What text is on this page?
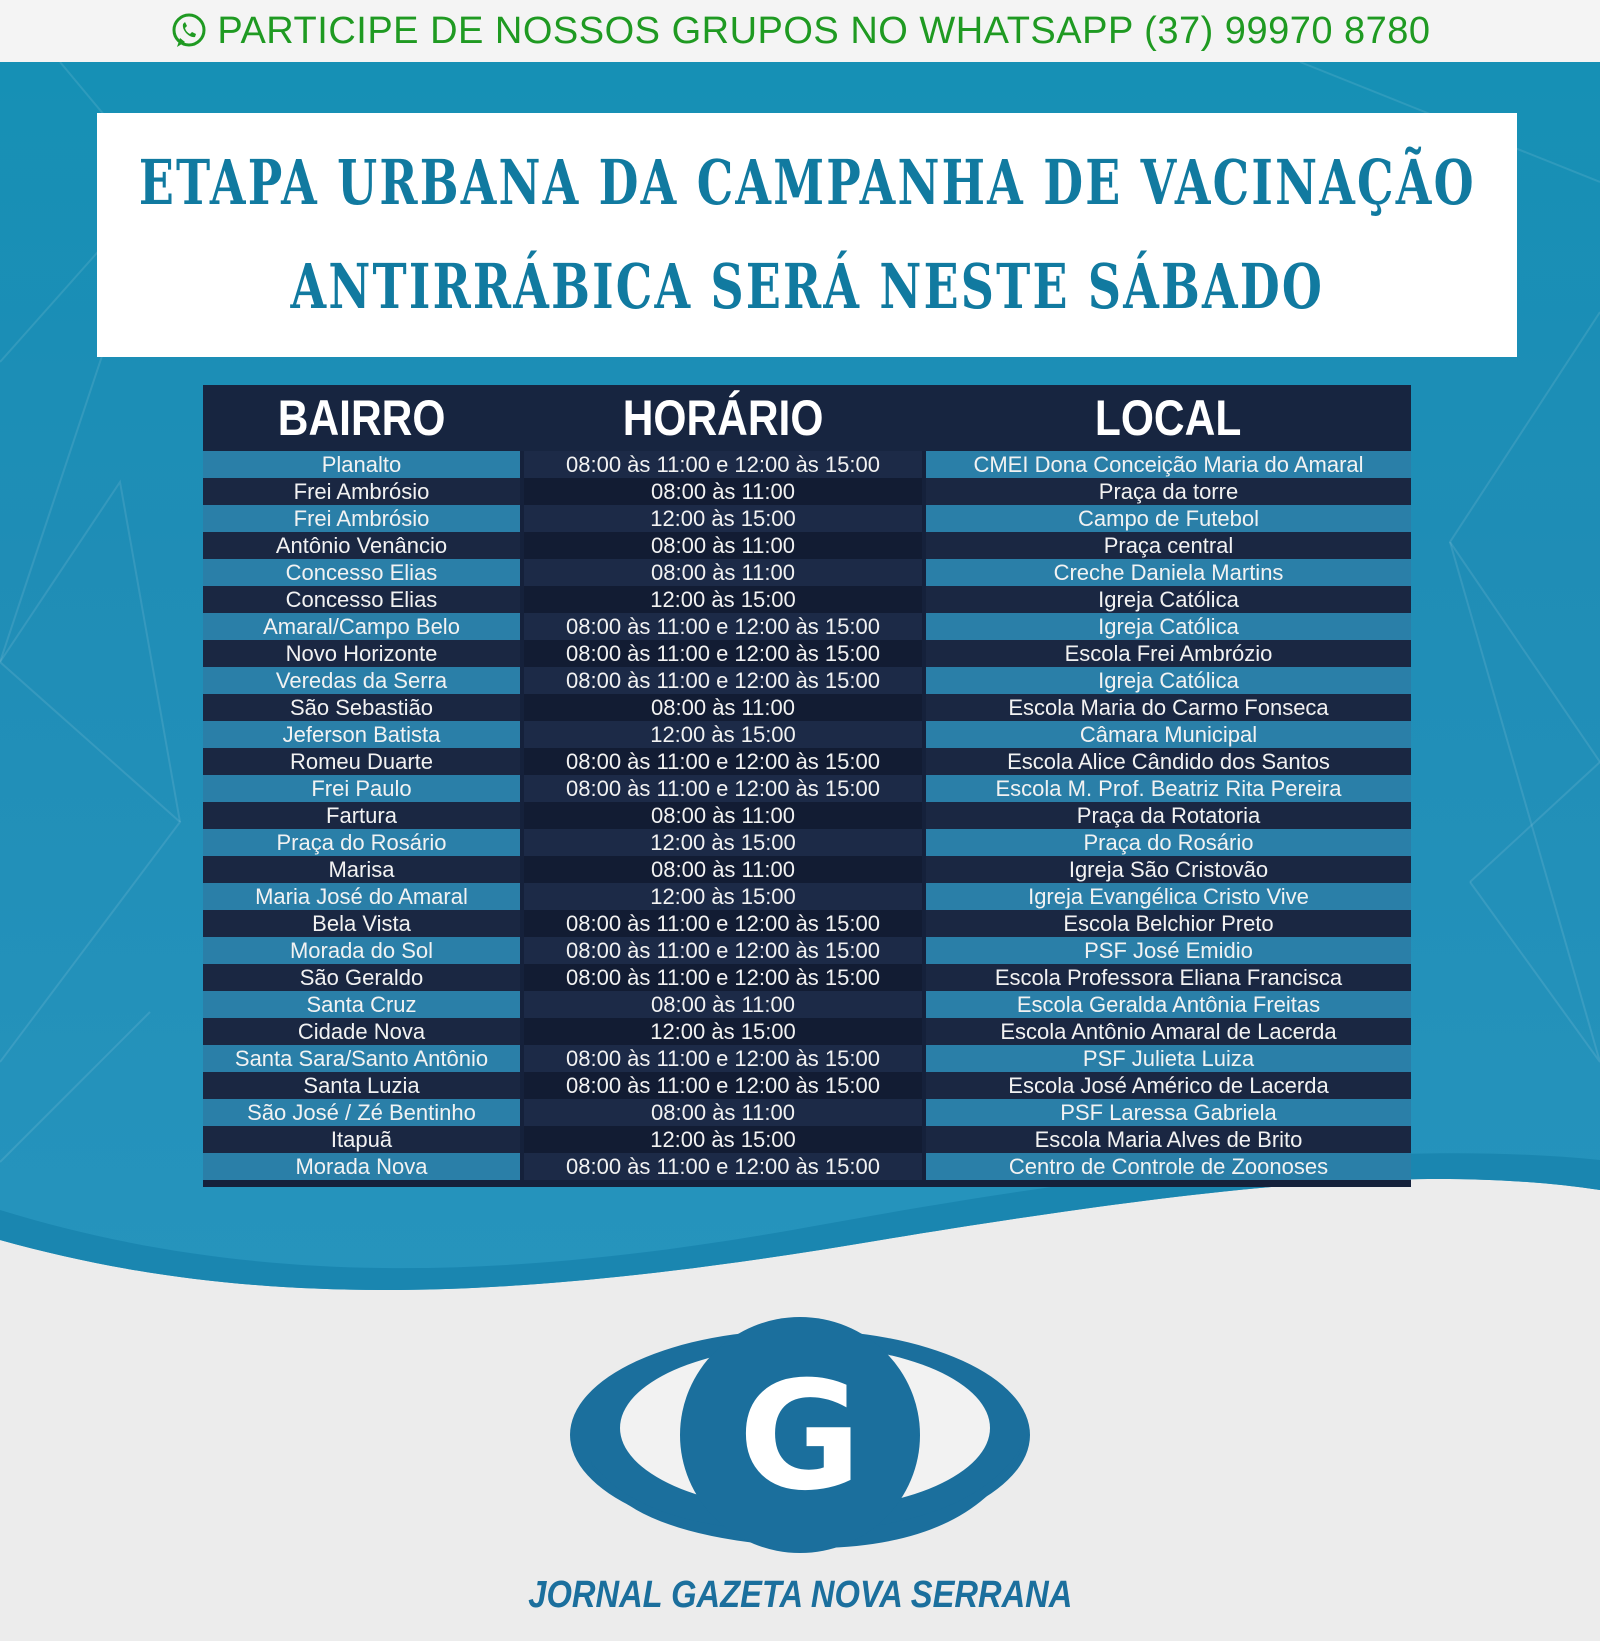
PARTICIPE DE NOSSOS GRUPOS NO WHATSAPP (37) 99970 8780
ETAPA URBANA DA CAMPANHA DE VACINAÇÃO
ANTIRRÁBICA SERÁ NESTE SÁBADO
BAIRRO	HORÁRIO	LOCAL
Planalto	08:00 às 11:00 e 12:00 às 15:00	CMEI Dona Conceição Maria do Amaral
Frei Ambrósio	08:00 às 11:00	Praça da torre
Frei Ambrósio	12:00 às 15:00	Campo de Futebol
Antônio Venâncio	08:00 às 11:00	Praça central
Concesso Elias	08:00 às 11:00	Creche Daniela Martins
Concesso Elias	12:00 às 15:00	Igreja Católica
Amaral/Campo Belo	08:00 às 11:00 e 12:00 às 15:00	Igreja Católica
Novo Horizonte	08:00 às 11:00 e 12:00 às 15:00	Escola Frei Ambrózio
Veredas da Serra	08:00 às 11:00 e 12:00 às 15:00	Igreja Católica
São Sebastião	08:00 às 11:00	Escola Maria do Carmo Fonseca
Jeferson Batista	12:00 às 15:00	Câmara Municipal
Romeu Duarte	08:00 às 11:00 e 12:00 às 15:00	Escola Alice Cândido dos Santos
Frei Paulo	08:00 às 11:00 e 12:00 às 15:00	Escola M. Prof. Beatriz Rita Pereira
Fartura	08:00 às 11:00	Praça da Rotatoria
Praça do Rosário	12:00 às 15:00	Praça do Rosário
Marisa	08:00 às 11:00	Igreja São Cristovão
Maria José do Amaral	12:00 às 15:00	Igreja Evangélica Cristo Vive
Bela Vista	08:00 às 11:00 e 12:00 às 15:00	Escola Belchior Preto
Morada do Sol	08:00 às 11:00 e 12:00 às 15:00	PSF José Emidio
São Geraldo	08:00 às 11:00 e 12:00 às 15:00	Escola Professora Eliana Francisca
Santa Cruz	08:00 às 11:00	Escola Geralda Antônia Freitas
Cidade Nova	12:00 às 15:00	Escola Antônio Amaral de Lacerda
Santa Sara/Santo Antônio	08:00 às 11:00 e 12:00 às 15:00	PSF Julieta Luiza
Santa Luzia	08:00 às 11:00 e 12:00 às 15:00	Escola José Américo de Lacerda
São José / Zé Bentinho	08:00 às 11:00	PSF Laressa Gabriela
Itapuã	12:00 às 15:00	Escola Maria Alves de Brito
Morada Nova	08:00 às 11:00 e 12:00 às 15:00	Centro de Controle de Zoonoses
G
JORNAL GAZETA NOVA SERRANA
